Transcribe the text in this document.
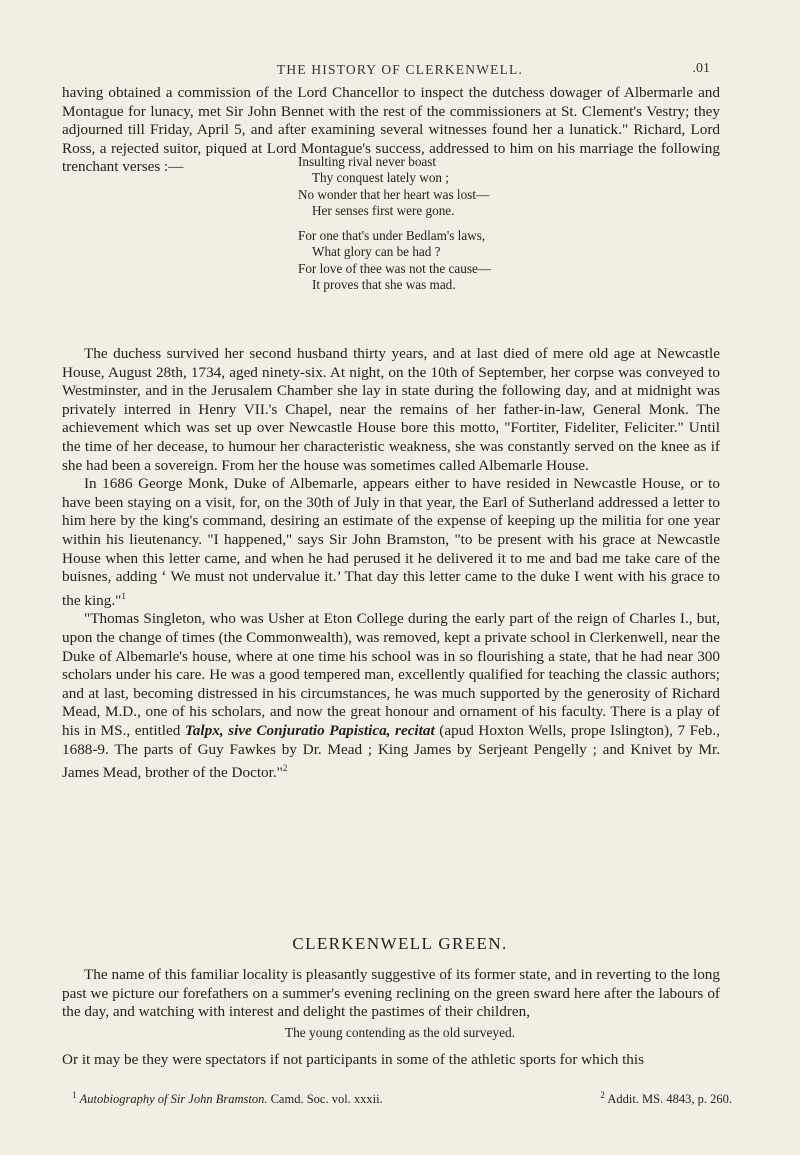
THE HISTORY OF CLERKENWELL.	.01

having obtained a commission of the Lord Chancellor to inspect the dutchess dowager of Albermarle and Montague for lunacy, met Sir John Bennet with the rest of the commissioners at St. Clement's Vestry; they adjourned till Friday, April 5, and after examining several witnesses found her a lunatick." Richard, Lord Ross, a rejected suitor, piqued at Lord Montague's success, addressed to him on his marriage the following trenchant verses :—	Insulting rival never boast
Thy conquest lately won ;
No wonder that her heart was lost—
Her senses first were gone.
For one that's under Bedlam's laws,
What glory can be had ?
For love of thee was not the cause—
It proves that she was mad.

The duchess survived her second husband thirty years, and at last died of mere old age at Newcastle House, August 28th, 1734, aged ninety-six. At night, on the 10th of September, her corpse was conveyed to Westminster, and in the Jerusalem Chamber she lay in state during the following day, and at midnight was privately interred in Henry VII.'s Chapel, near the remains of her father-in-law, General Monk. The achievement which was set up over Newcastle House bore this motto, "Fortiter, Fideliter, Feliciter." Until the time of her decease, to humour her characteristic weakness, she was constantly served on the knee as if she had been a sovereign. From her the house was sometimes called Albemarle House.

In 1686 George Monk, Duke of Albemarle, appears either to have resided in Newcastle House, or to have been staying on a visit, for, on the 30th of July in that year, the Earl of Sutherland addressed a letter to him here by the king's command, desiring an estimate of the expense of keeping up the militia for one year within his lieutenancy. "I happened," says Sir John Bramston, "to be present with his grace at Newcastle House when this letter came, and when he had perused it he delivered it to me and bad me take care of the buisnes, adding ‘ We must not undervalue it.’ That day this letter came to the duke I went with his grace to the king."$^1$

"Thomas Singleton, who was Usher at Eton College during the early part of the reign of Charles I., but, upon the change of times (the Commonwealth), was removed, kept a private school in Clerkenwell, near the Duke of Albemarle's house, where at one time his school was in so flourishing a state, that he had near 300 scholars under his care. He was a good tempered man, excellently qualified for teaching the classic authors; and at last, becoming distressed in his circumstances, he was much supported by the generosity of Richard Mead, M.D., one of his scholars, and now the great honour and ornament of his faculty. There is a play of his in MS., entitled Talpx, sive Conjuratio Papistica, recitat (apud Hoxton Wells, prope Islington), 7 Feb., 1688-9. The parts of Guy Fawkes by Dr. Mead ; King James by Serjeant Pengelly ; and Knivet by Mr. James Mead, brother of the Doctor."$^2$

CLERKENWELL GREEN.

The name of this familiar locality is pleasantly suggestive of its former state, and in reverting to the long past we picture our forefathers on a summer's evening reclining on the green sward here after the labours of the day, and watching with interest and delight the pastimes of their children,

The young contending as the old surveyed.

Or it may be they were spectators if not participants in some of the athletic sports for which this

$^1$ Autobiography of Sir John Bramston. Camd. Soc. vol. xxxii.	$^2$ Addit. MS. 4843, p. 260.
